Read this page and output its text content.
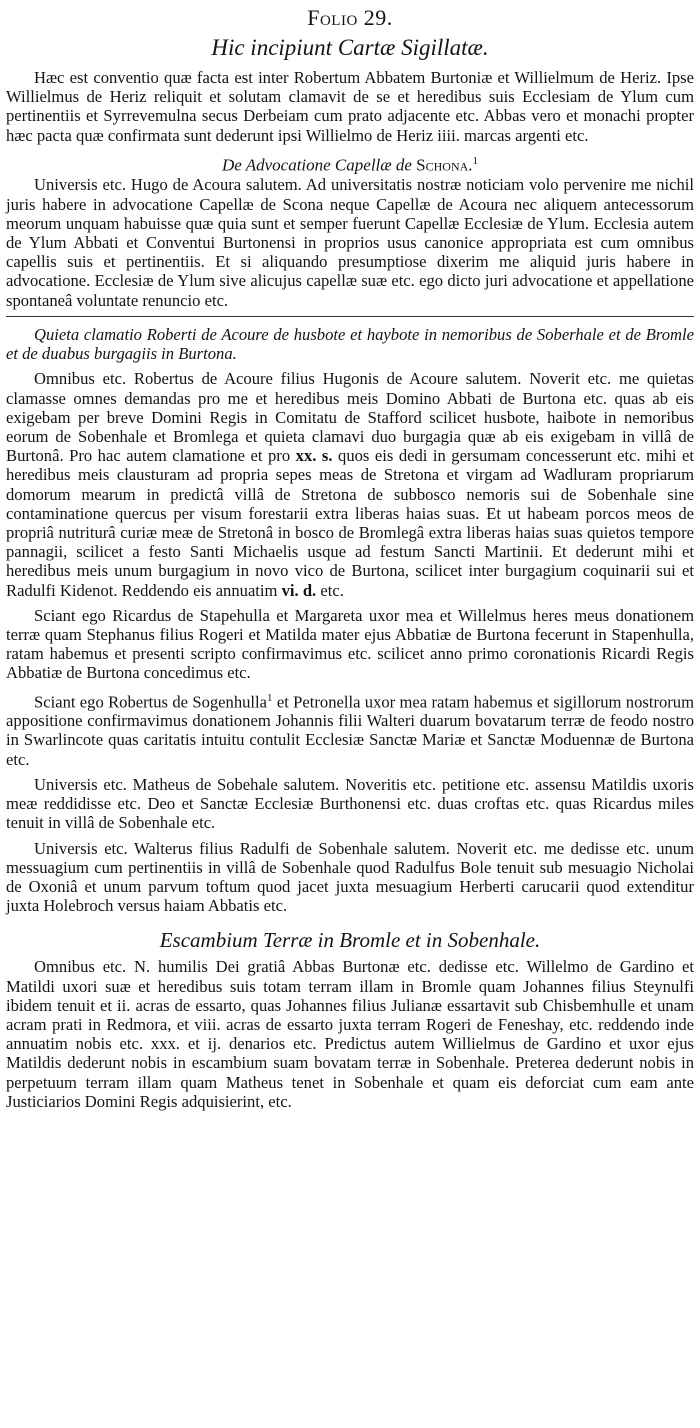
Folio 29.
Hic incipiunt Cartæ Sigillatæ.

Hæc est conventio quæ facta est inter Robertum Abbatem Burtoniæ et Willielmum de Heriz. Ipse Willielmus de Heriz reliquit et solutam clamavit de se et heredibus suis Ecclesiam de Ylum cum pertinentiis et Syrrevemulna secus Derbeiam cum prato adjacente etc. Abbas vero et monachi propter hæc pacta quæ confirmata sunt dederunt ipsi Willielmo de Heriz iiii. marcas argenti etc.

De Advocatione Capellæ de Schona.$^1$

Universis etc. Hugo de Acoura salutem. Ad universitatis nostræ noticiam volo pervenire me nichil juris habere in advocatione Capellæ de Scona neque Capellæ de Acoura nec aliquem antecessorum meorum unquam habuisse quæ quia sunt et semper fuerunt Capellæ Ecclesiæ de Ylum. Ecclesia autem de Ylum Abbati et Conventui Burtonensi in proprios usus canonice appropriata est cum omnibus capellis suis et pertinentiis. Et si aliquando presumptiose dixerim me aliquid juris habere in advocatione. Ecclesiæ de Ylum sive alicujus capellæ suæ etc. ego dicto juri advocatione et appellatione spontaneâ voluntate renuncio etc.

Quieta clamatio Roberti de Acoure de husbote et haybote in nemoribus de Soberhale et de Bromle et de duabus burgagiis in Burtona.

Omnibus etc. Robertus de Acoure filius Hugonis de Acoure salutem. Noverit etc. me quietas clamasse omnes demandas pro me et heredibus meis Domino Abbati de Burtona etc. quas ab eis exigebam per breve Domini Regis in Comitatu de Stafford scilicet husbote, haibote in nemoribus eorum de Sobenhale et Bromlega et quieta clamavi duo burgagia quæ ab eis exigebam in villâ de Burtonâ. Pro hac autem clamatione et pro xx. s. quos eis dedi in gersumam concesserunt etc. mihi et heredibus meis clausturam ad propria sepes meas de Stretona et virgam ad Wadluram propriarum domorum mearum in predictâ villâ de Stretona de subbosco nemoris sui de Sobenhale sine contaminatione quercus per visum forestarii extra liberas haias suas. Et ut habeam porcos meos de propriâ nutriturâ curiæ meæ de Stretonâ in bosco de Bromlegâ extra liberas haias suas quietos tempore pannagii, scilicet a festo Santi Michaelis usque ad festum Sancti Martinii. Et dederunt mihi et heredibus meis unum burgagium in novo vico de Burtona, scilicet inter burgagium coquinarii sui et Radulfi Kidenot. Reddendo eis annuatim vi. d. etc.

Sciant ego Ricardus de Stapehulla et Margareta uxor mea et Willelmus heres meus donationem terræ quam Stephanus filius Rogeri et Matilda mater ejus Abbatiæ de Burtona fecerunt in Stapenhulla, ratam habemus et presenti scripto confirmavimus etc. scilicet anno primo coronationis Ricardi Regis Abbatiæ de Burtona concedimus etc.

Sciant ego Robertus de Sogenhulla$^1$ et Petronella uxor mea ratam habemus et sigillorum nostrorum appositione confirmavimus donationem Johannis filii Walteri duarum bovatarum terræ de feodo nostro in Swarlincote quas caritatis intuitu contulit Ecclesiæ Sanctæ Mariæ et Sanctæ Moduennæ de Burtona etc.

Universis etc. Matheus de Sobehale salutem. Noveritis etc. petitione etc. assensu Matildis uxoris meæ reddidisse etc. Deo et Sanctæ Ecclesiæ Burthonensi etc. duas croftas etc. quas Ricardus miles tenuit in villâ de Sobenhale etc.

Universis etc. Walterus filius Radulfi de Sobenhale salutem. Noverit etc. me dedisse etc. unum messuagium cum pertinentiis in villâ de Sobenhale quod Radulfus Bole tenuit sub mesuagio Nicholai de Oxoniâ et unum parvum toftum quod jacet juxta mesuagium Herberti carucarii quod extenditur juxta Holebroch versus haiam Abbatis etc.

Escambium Terræ in Bromle et in Sobenhale.

Omnibus etc. N. humilis Dei gratiâ Abbas Burtonæ etc. dedisse etc. Willelmo de Gardino et Matildi uxori suæ et heredibus suis totam terram illam in Bromle quam Johannes filius Steynulfi ibidem tenuit et ii. acras de essarto, quas Johannes filius Julianæ essartavit sub Chisbemhulle et unam acram prati in Redmora, et viii. acras de essarto juxta terram Rogeri de Feneshay, etc. reddendo inde annuatim nobis etc. xxx. et ij. denarios etc. Predictus autem Willielmus de Gardino et uxor ejus Matildis dederunt nobis in escambium suam bovatam terræ in Sobenhale. Preterea dederunt nobis in perpetuum terram illam quam Matheus tenet in Sobenhale et quam eis deforciat cum eam ante Justiciarios Domini Regis adquisierint, etc.
